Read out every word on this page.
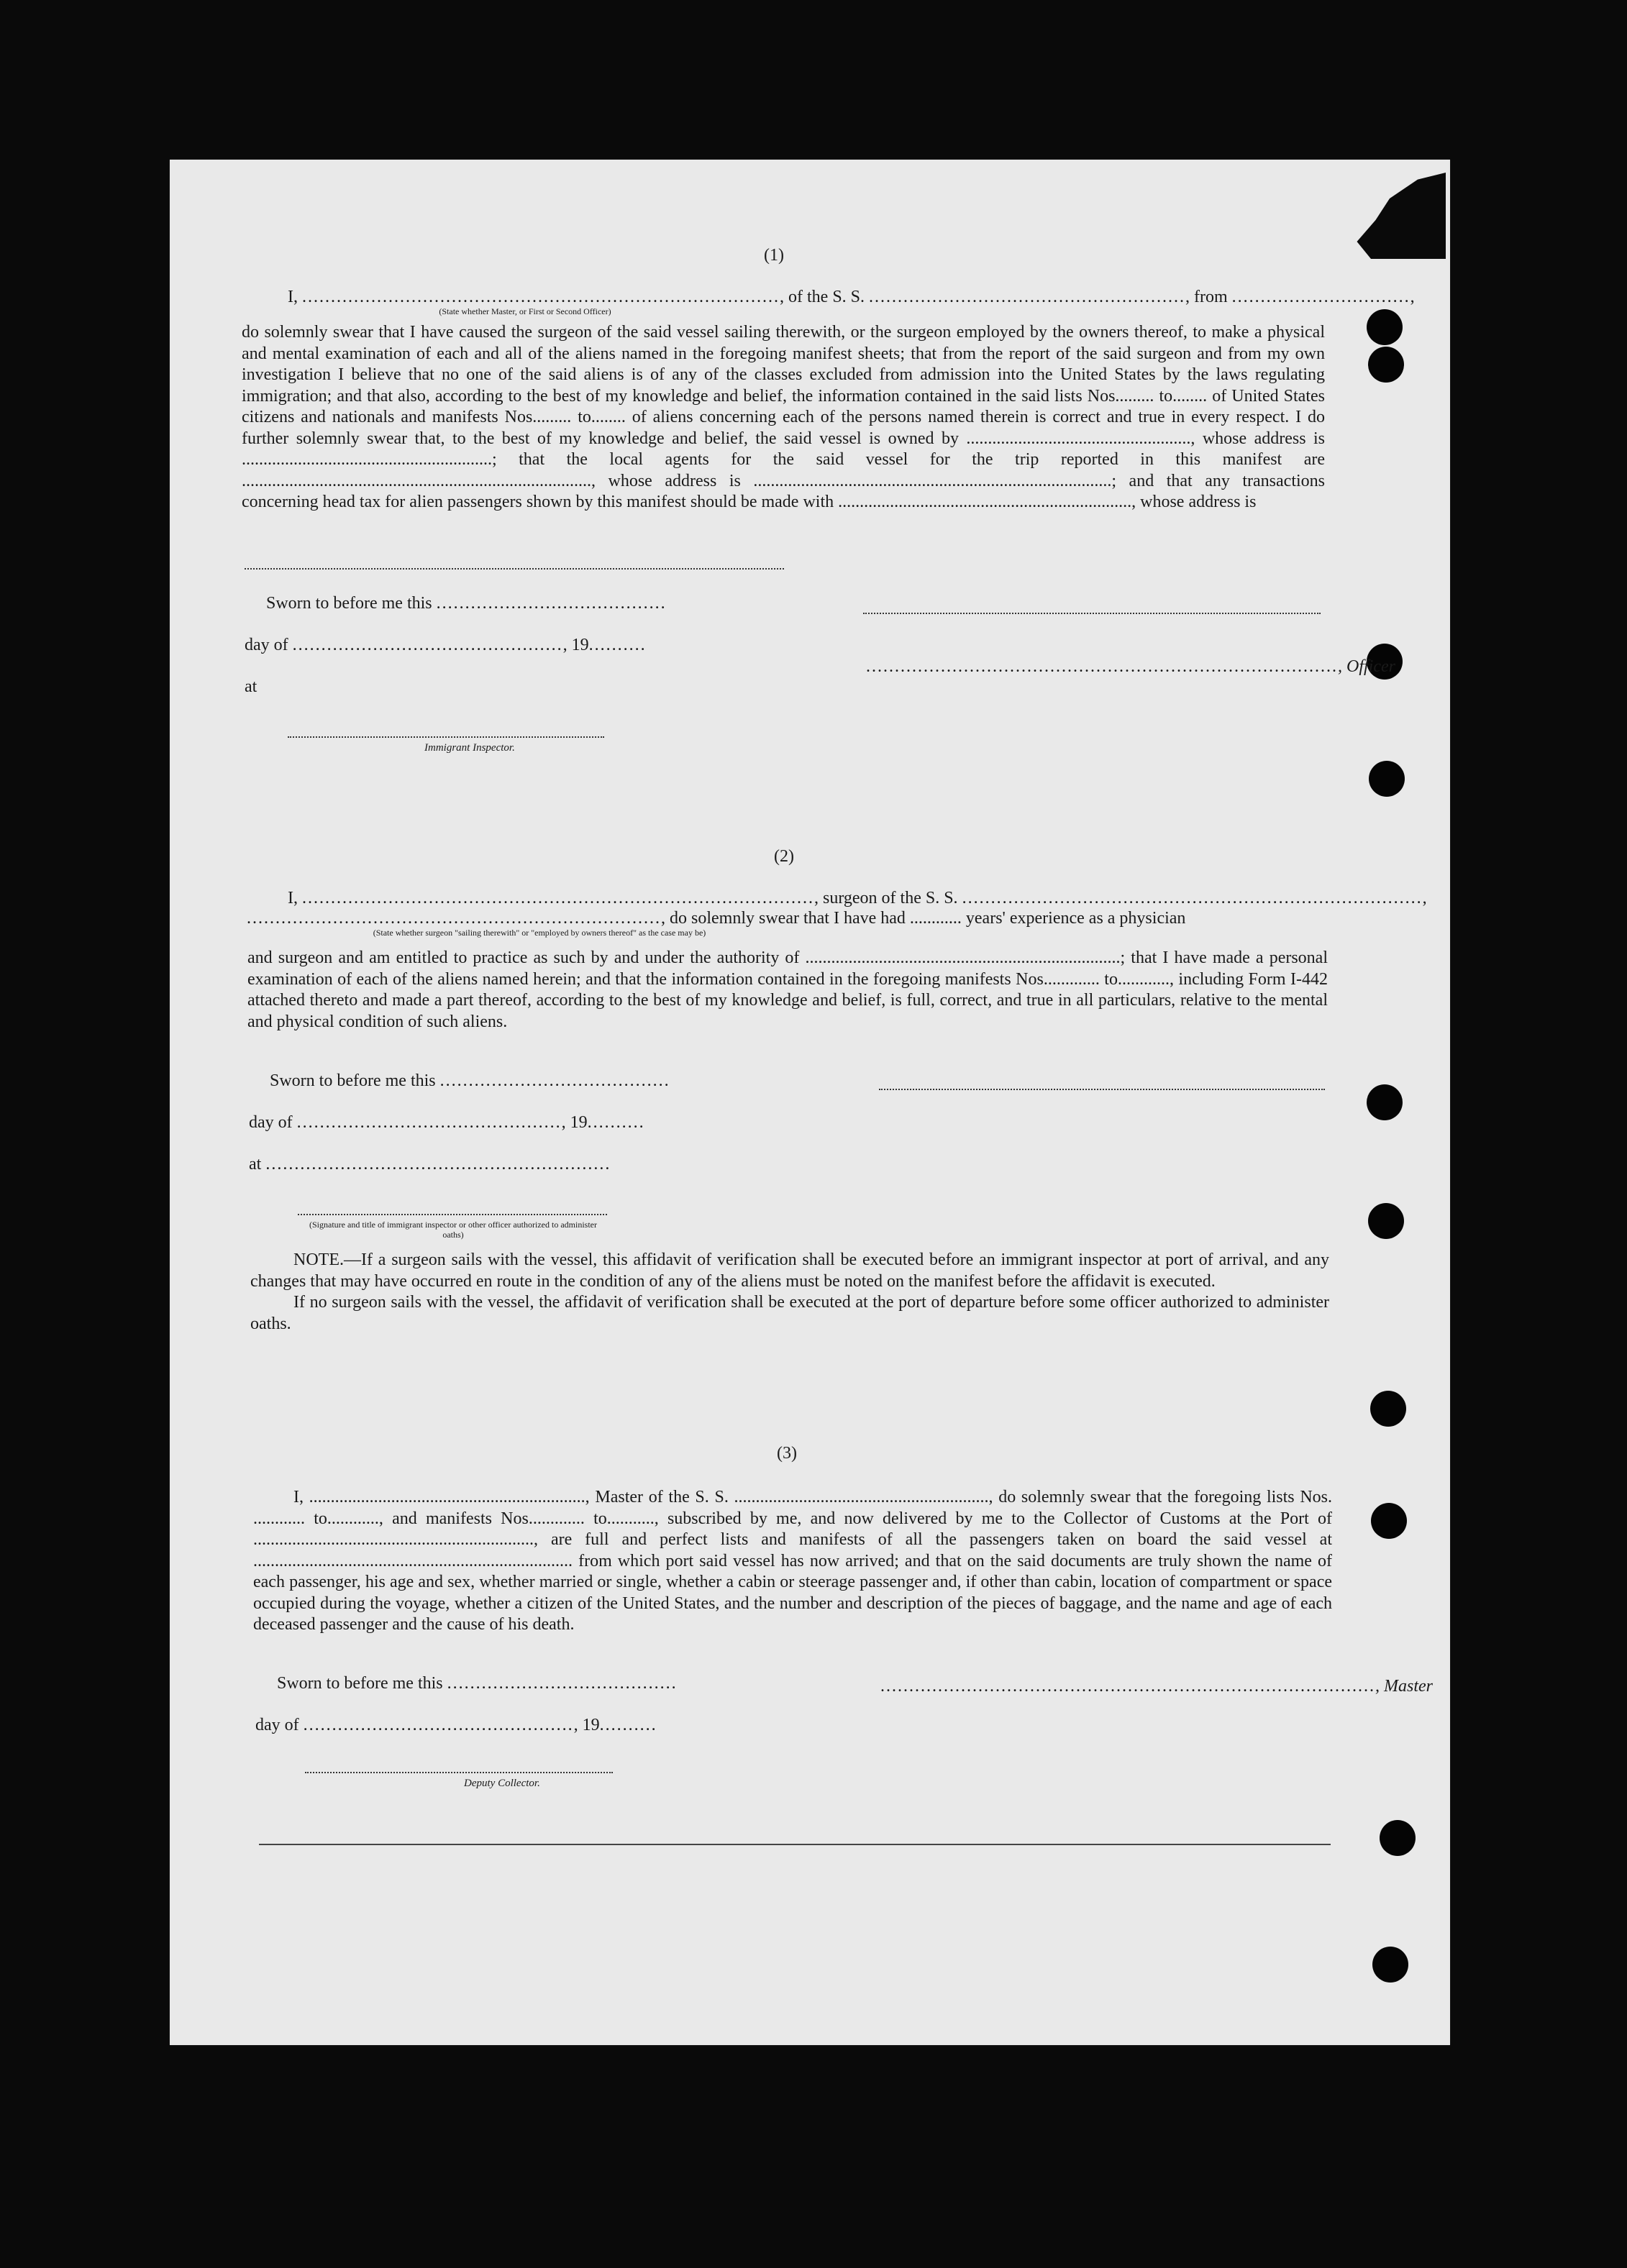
(1)
I, ..................................................................................., of the S. S. ......................................................., from ...............................,
(State whether Master, or First or Second Officer)

do solemnly swear that I have caused the surgeon of the said vessel sailing therewith, or the surgeon employed by the owners thereof, to make a physical and mental examination of each and all of the aliens named in the foregoing manifest sheets; that from the report of the said surgeon and from my own investigation I believe that no one of the said aliens is of any of the classes excluded from admission into the United States by the laws regulating immigration; and that also, according to the best of my knowledge and belief, the information contained in the said lists Nos......... to........ of United States citizens and nationals and manifests Nos......... to........ of aliens concerning each of the persons named therein is correct and true in every respect. I do further solemnly swear that, to the best of my knowledge and belief, the said vessel is owned by ...................................................., whose address is ..........................................................; that the local agents for the said vessel for the trip reported in this manifest are ................................................................................., whose address is ...................................................................................; and that any transactions concerning head tax for alien passengers shown by this manifest should be made with ...................................................................., whose address is

Sworn to before me this ........................................
day of ..............................................., 19..........
.................................................................................., Officer
at
Immigrant Inspector.
(2)
I, ........................................................................................., surgeon of the S. S. ................................................................................,
........................................................................, do solemnly swear that I have had ............ years' experience as a physician
(State whether surgeon "sailing therewith" or "employed by owners thereof" as the case may be)

and surgeon and am entitled to practice as such by and under the authority of .........................................................................; that I have made a personal examination of each of the aliens named herein; and that the information contained in the foregoing manifests Nos............. to............, including Form I-442 attached thereto and made a part thereof, according to the best of my knowledge and belief, is full, correct, and true in all particulars, relative to the mental and physical condition of such aliens.

Sworn to before me this ........................................
day of .............................................., 19..........
at ............................................................
(Signature and title of immigrant inspector or other officer authorized to administer oaths)

NOTE.—If a surgeon sails with the vessel, this affidavit of verification shall be executed before an immigrant inspector at port of arrival, and any changes that may have occurred en route in the condition of any of the aliens must be noted on the manifest before the affidavit is executed.

If no surgeon sails with the vessel, the affidavit of verification shall be executed at the port of departure before some officer authorized to administer oaths.

(3)

I, ................................................................, Master of the S. S. ..........................................................., do solemnly swear that the foregoing lists Nos. ............ to............, and manifests Nos............. to..........., subscribed by me, and now delivered by me to the Collector of Customs at the Port of ................................................................., are full and perfect lists and manifests of all the passengers taken on board the said vessel at .......................................................................... from which port said vessel has now arrived; and that on the said documents are truly shown the name of each passenger, his age and sex, whether married or single, whether a cabin or steerage passenger and, if other than cabin, location of compartment or space occupied during the voyage, whether a citizen of the United States, and the number and description of the pieces of baggage, and the name and age of each deceased passenger and the cause of his death.

Sworn to before me this ........................................	......................................................................................, Master
day of ..............................................., 19..........
Deputy Collector.
